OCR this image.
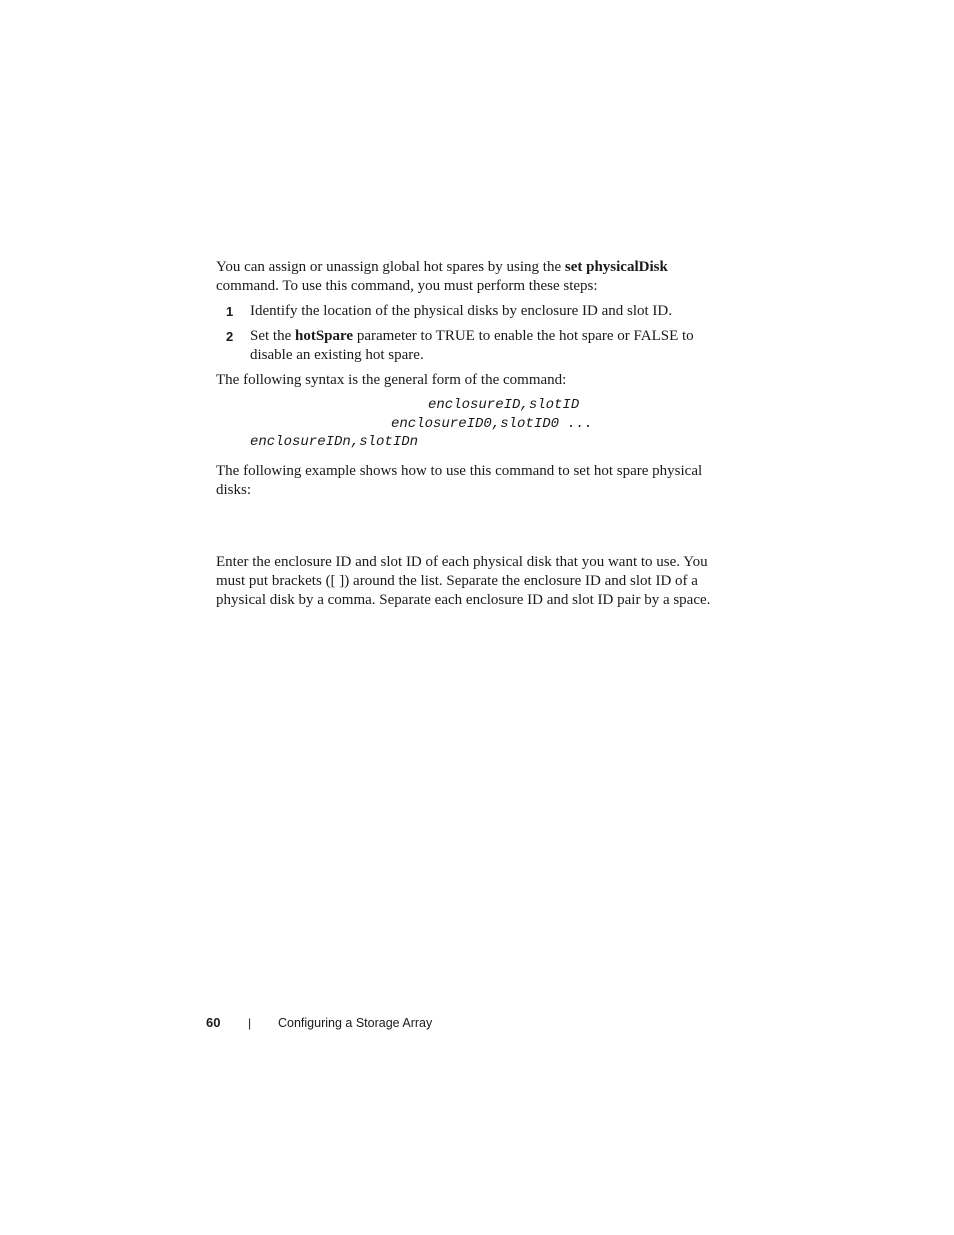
You can assign or unassign global hot spares by using the set physicalDisk command. To use this command, you must perform these steps:

1	Identify the location of the physical disks by enclosure ID and slot ID.
2	Set the hotSpare parameter to TRUE to enable the hot spare or FALSE to disable an existing hot spare.

The following syntax is the general form of the command:

enclosureID,slotID
enclosureID0,slotID0 ...
enclosureIDn,slotIDn

The following example shows how to use this command to set hot spare physical disks:

Enter the enclosure ID and slot ID of each physical disk that you want to use. You must put brackets ([ ]) around the list. Separate the enclosure ID and slot ID of a physical disk by a comma. Separate each enclosure ID and slot ID pair by a space.

60 | Configuring a Storage Array
